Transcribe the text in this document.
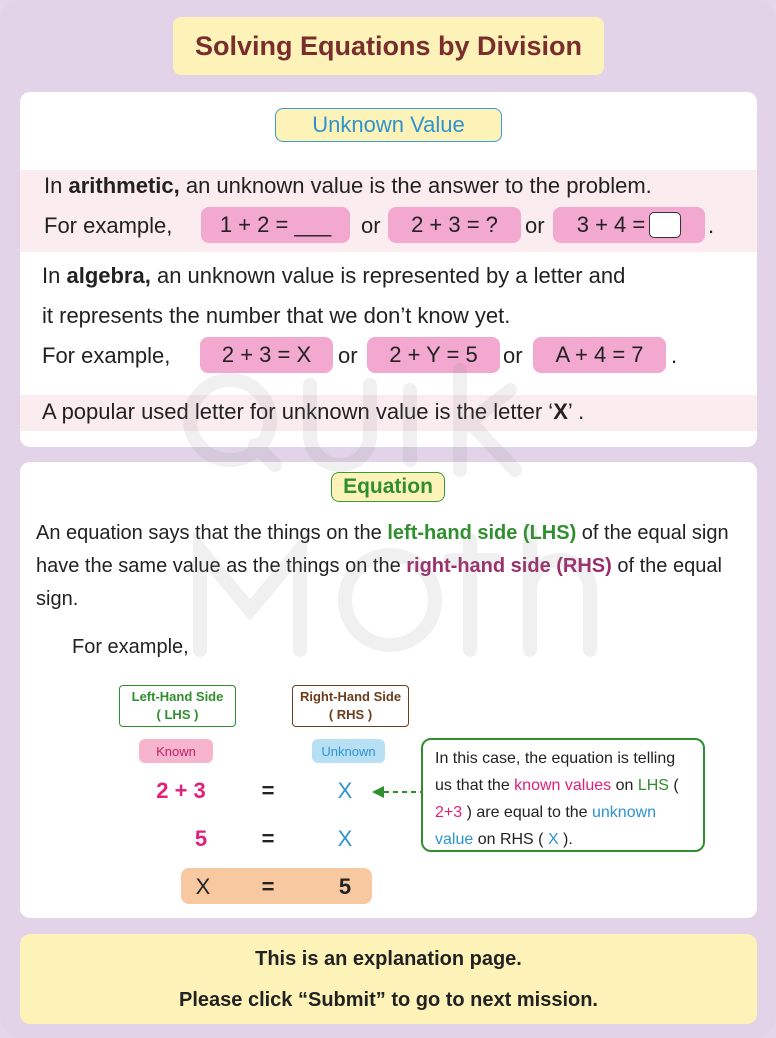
Solving Equations by Division
Unknown Value
In arithmetic, an unknown value is the answer to the problem.
For example,	1 + 2 = ___	or	2 + 3 = ?	or 3 + 4 =	.
In algebra, an unknown value is represented by a letter and
it represents the number that we don’t know yet.
For example,	2 + 3 = X	or	2 + Y = 5	or	A + 4 = 7	.
A popular used letter for unknown value is the letter ‘X’ .
Equation
An equation says that the things on the left-hand side (LHS) of the equal sign have the same value as the things on the right-hand side (RHS) of the equal sign.
For example,
Left-Hand Side
( LHS )
Right-Hand Side
( RHS )
Known	Unknown
2 + 3	=	X
5 =	X
X =	5
In this case, the equation is telling us that the known values on LHS ( 2+3 ) are equal to the unknown value on RHS ( X ).
This is an explanation page.
Please click “Submit” to go to next mission.
